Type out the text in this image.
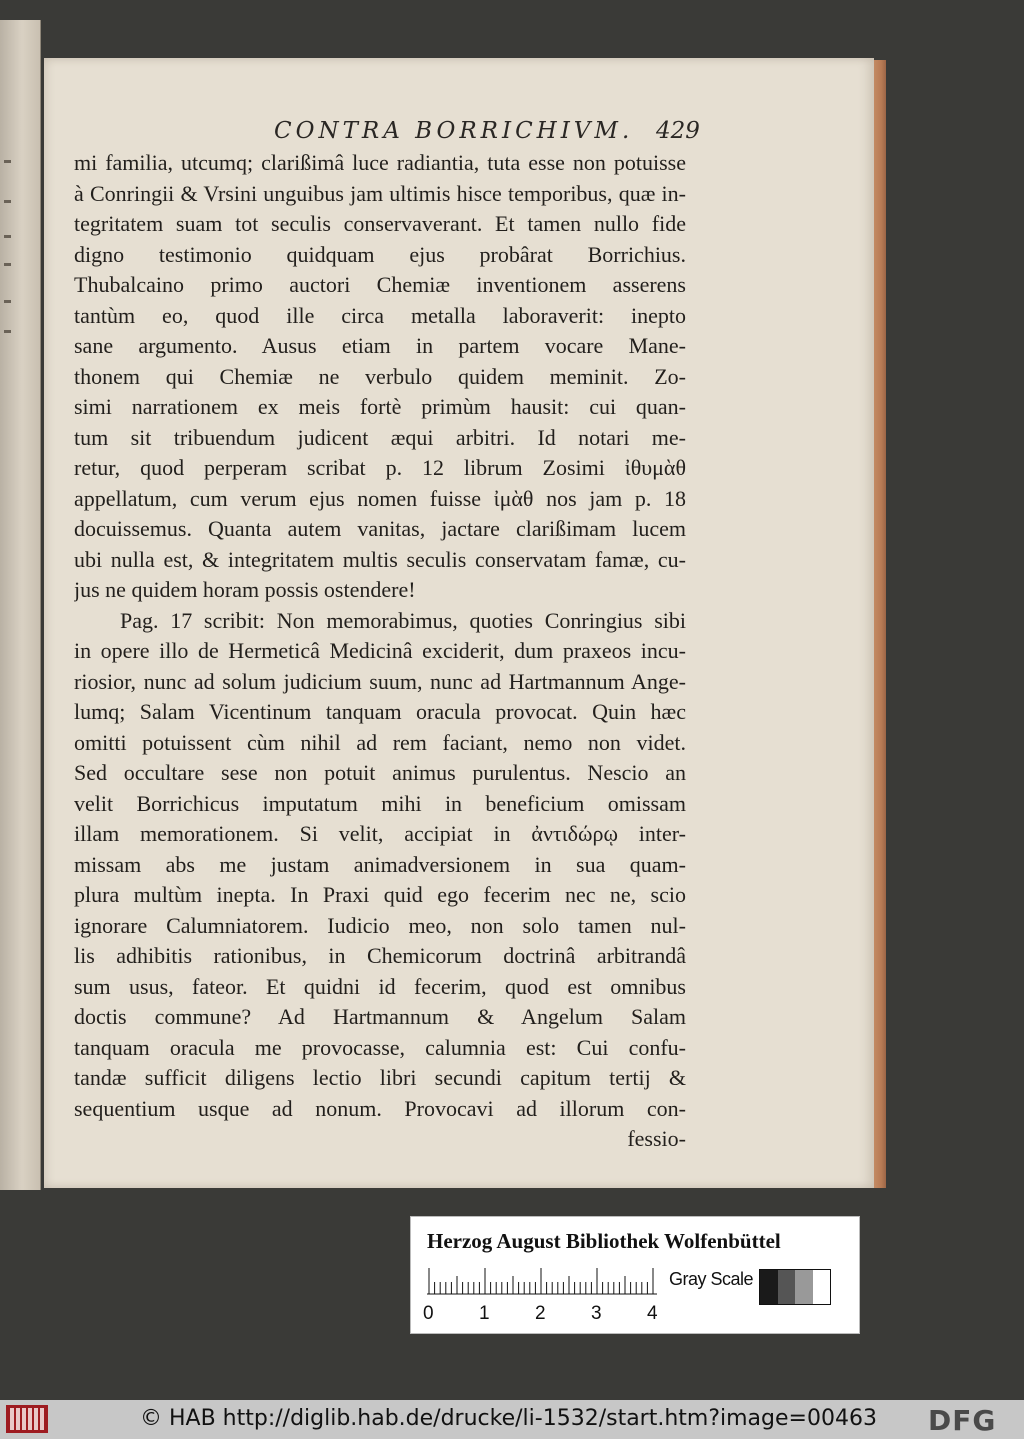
CONTRA BORRICHIVM. 429
mi familia, utcumq; clarißimâ luce radiantia, tuta esse non potuisse
à Conringii & Vrsini unguibus jam ultimis hisce temporibus, quæ in-
tegritatem suam tot seculis conservaverant. Et tamen nullo fide
digno testimonio quidquam ejus probârat Borrichius.
Thubalcaino primo auctori Chemiæ inventionem asserens
tantùm eo, quod ille circa metalla laboraverit: inepto
sane argumento. Ausus etiam in partem vocare Mane-
thonem qui Chemiæ ne verbulo quidem meminit. Zo-
simi narrationem ex meis fortè primùm hausit: cui quan-
tum sit tribuendum judicent æqui arbitri. Id notari me-
retur, quod perperam scribat p. 12 librum Zosimi ἰθυμὰθ
appellatum, cum verum ejus nomen fuisse ἰμὰθ nos jam p. 18
docuissemus. Quanta autem vanitas, jactare clarißimam lucem
ubi nulla est, & integritatem multis seculis conservatam famæ, cu-
jus ne quidem horam possis ostendere!
Pag. 17 scribit: Non memorabimus, quoties Conringius sibi
in opere illo de Hermeticâ Medicinâ exciderit, dum praxeos incu-
riosior, nunc ad solum judicium suum, nunc ad Hartmannum Ange-
lumq; Salam Vicentinum tanquam oracula provocat. Quin hæc
omitti potuissent cùm nihil ad rem faciant, nemo non videt.
Sed occultare sese non potuit animus purulentus. Nescio an
velit Borrichicus imputatum mihi in beneficium omissam
illam memorationem. Si velit, accipiat in ἀντιδώρῳ inter-
missam abs me justam animadversionem in sua quam-
plura multùm inepta. In Praxi quid ego fecerim nec ne, scio
ignorare Calumniatorem. Iudicio meo, non solo tamen nul-
lis adhibitis rationibus, in Chemicorum doctrinâ arbitrandâ
sum usus, fateor. Et quidni id fecerim, quod est omnibus
doctis commune? Ad Hartmannum & Angelum Salam
tanquam oracula me provocasse, calumnia est: Cui confu-
tandæ sufficit diligens lectio libri secundi capitum tertij &
sequentium usque ad nonum. Provocavi ad illorum con-
fessio-
Herzog August Bibliothek Wolfenbüttel
0 1 2 3 4
Gray Scale
© HAB http://diglib.hab.de/drucke/li-1532/start.htm?image=00463 DFG
